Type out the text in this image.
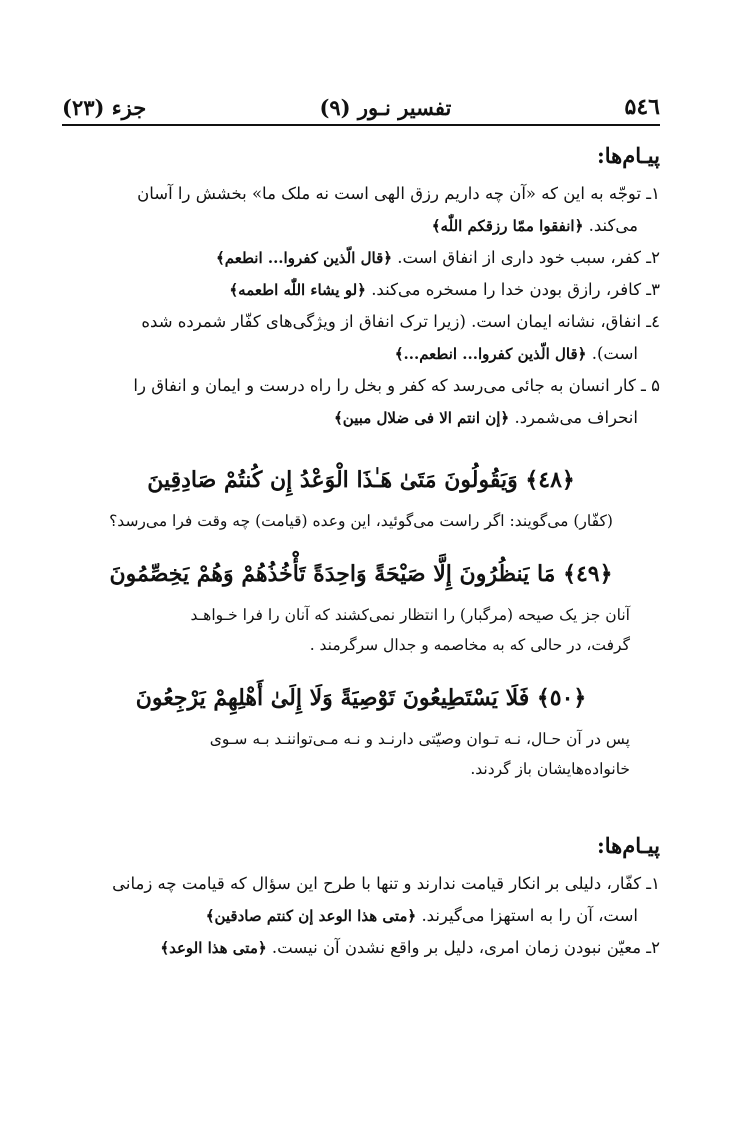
۵٤٦
تفسیر نـور (۹)
جزء (۲۳)
پیـام‌ها:
۱ـ توجّه به این که «آن چه داریم رزق الهی است نه ملک ما» بخشش را آسان
می‌کند. ﴿انفقوا ممّا رزقکم اللّٰه﴾
۲ـ کفر، سبب خود داری از انفاق است. ﴿قال الّذین کفروا... انطعم﴾
۳ـ کافر، رازق بودن خدا را مسخره می‌کند. ﴿لو یشاء اللّٰه اطعمه﴾
٤ـ انفاق، نشانه ایمان است. (زیرا ترک انفاق از ویژگی‌های کفّار شمرده شده
است). ﴿قال الّذین کفروا... انطعم...﴾
۵ ـ کار انسان به جائی می‌رسد که کفر و بخل را راه درست و ایمان و انفاق را
انحراف می‌شمرد. ﴿إن انتم الا فی ضلال مبین﴾
﴿٤٨﴾ وَيَقُولُونَ مَتَىٰ هَـٰذَا الْوَعْدُ إِن كُنتُمْ صَادِقِينَ
(کفّار) می‌گویند: اگر راست می‌گوئید، این وعده (قیامت) چه وقت فرا می‌رسد؟
﴿٤٩﴾ مَا يَنظُرُونَ إِلَّا صَيْحَةً وَاحِدَةً تَأْخُذُهُمْ وَهُمْ يَخِصِّمُونَ
آنان جز یک صیحه (مرگبار) را انتظار نمی‌کشند که آنان را فرا خـواهـد
گرفت، در حالی که به مخاصمه و جدال سرگرمند .
﴿٥٠﴾ فَلَا يَسْتَطِيعُونَ تَوْصِيَةً وَلَا إِلَىٰ أَهْلِهِمْ يَرْجِعُونَ
پس در آن حـال، نـه تـوان وصیّتی دارنـد و نـه مـی‌تواننـد بـه سـوی
خانواده‌هایشان باز گردند.
پیـام‌ها:
۱ـ کفّار، دلیلی بر انکار قیامت ندارند و تنها با طرح این سؤال که قیامت چه زمانی
است، آن را به استهزا می‌گیرند. ﴿متی هذا الوعد إن کنتم صادقین﴾
۲ـ معیّن نبودن زمان امری، دلیل بر واقع نشدن آن نیست. ﴿متی هذا الوعد﴾
